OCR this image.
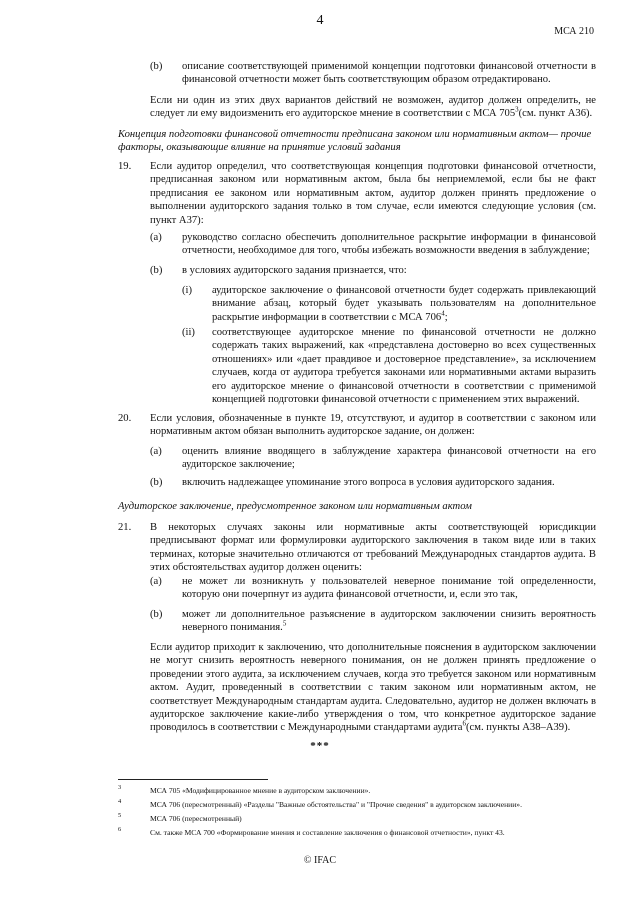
4
МСА 210
(b) описание соответствующей применимой концепции подготовки финансовой отчетности в финансовой отчетности может быть соответствующим образом отредактировано.

Если ни один из этих двух вариантов действий не возможен, аудитор должен определить, не следует ли ему видоизменить его аудиторское мнение в соответствии с МСА $705^3(см$. пункт А36).

Концепция подготовки финансовой отчетности предписана законом или нормативным актом— прочие факторы, оказывающие влияние на принятие условий задания

19. Если аудитор определил, что соответствующая концепция подготовки финансовой отчетности, предписанная законом или нормативным актом, была бы неприемлемой, если бы не факт предписания ее законом или нормативным актом, аудитор должен принять предложение о выполнении аудиторского задания только в том случае, если имеются следующие условия (см. пункт А37):

(a) руководство согласно обеспечить дополнительное раскрытие информации в финансовой отчетности, необходимое для того, чтобы избежать возможности введения в заблуждение;

(b) в условиях аудиторского задания признается, что:

(i) аудиторское заключение о финансовой отчетности будет содержать привлекающий внимание абзац, который будет указывать пользователям на дополнительное раскрытие информации в соответствии с МСА $706^4$;

(ii) соответствующее аудиторское мнение по финансовой отчетности не должно содержать таких выражений, как «представлена достоверно во всех существенных отношениях» или «дает правдивое и достоверное представление», за исключением случаев, когда от аудитора требуется законами или нормативными актами выразить его аудиторское мнение о финансовой отчетности в соответствии с применимой концепцией подготовки финансовой отчетности с применением этих выражений.

20. Если условия, обозначенные в пункте 19, отсутствуют, и аудитор в соответствии с законом или нормативным актом обязан выполнить аудиторское задание, он должен:

(a) оценить влияние вводящего в заблуждение характера финансовой отчетности на его аудиторское заключение;

(b) включить надлежащее упоминание этого вопроса в условия аудиторского задания.

Аудиторское заключение, предусмотренное законом или нормативным актом

21. В некоторых случаях законы или нормативные акты соответствующей юрисдикции предписывают формат или формулировки аудиторского заключения в таком виде или в таких терминах, которые значительно отличаются от требований Международных стандартов аудита. В этих обстоятельствах аудитор должен оценить:

(a) не может ли возникнуть у пользователей неверное понимание той определенности, которую они почерпнут из аудита финансовой отчетности, и, если это так,

(b) может ли дополнительное разъяснение в аудиторском заключении снизить вероятность неверного понимания.$^5$

Если аудитор приходит к заключению, что дополнительные пояснения в аудиторском заключении не могут снизить вероятность неверного понимания, он не должен принять предложение о проведении этого аудита, за исключением случаев, когда это требуется законом или нормативным актом. Аудит, проведенный в соответствии с таким законом или нормативным актом, не соответствует Международным стандартам аудита. Следовательно, аудитор не должен включать в аудиторское заключение какие-либо утверждения о том, что конкретное аудиторское задание проводилось в соответствии с Международными стандартами аудита$^6$(см. пункты А38–А39).

***
3	МСА 705 «Модифицированное мнение в аудиторском заключении».
4	МСА 706 (пересмотренный) «Разделы "Важные обстоятельства" и "Прочие сведения" в аудиторском заключении».
5	МСА 706 (пересмотренный)
6	См. также МСА 700 «Формирование мнения и составление заключения о финансовой отчетности», пункт 43.
© IFAC
